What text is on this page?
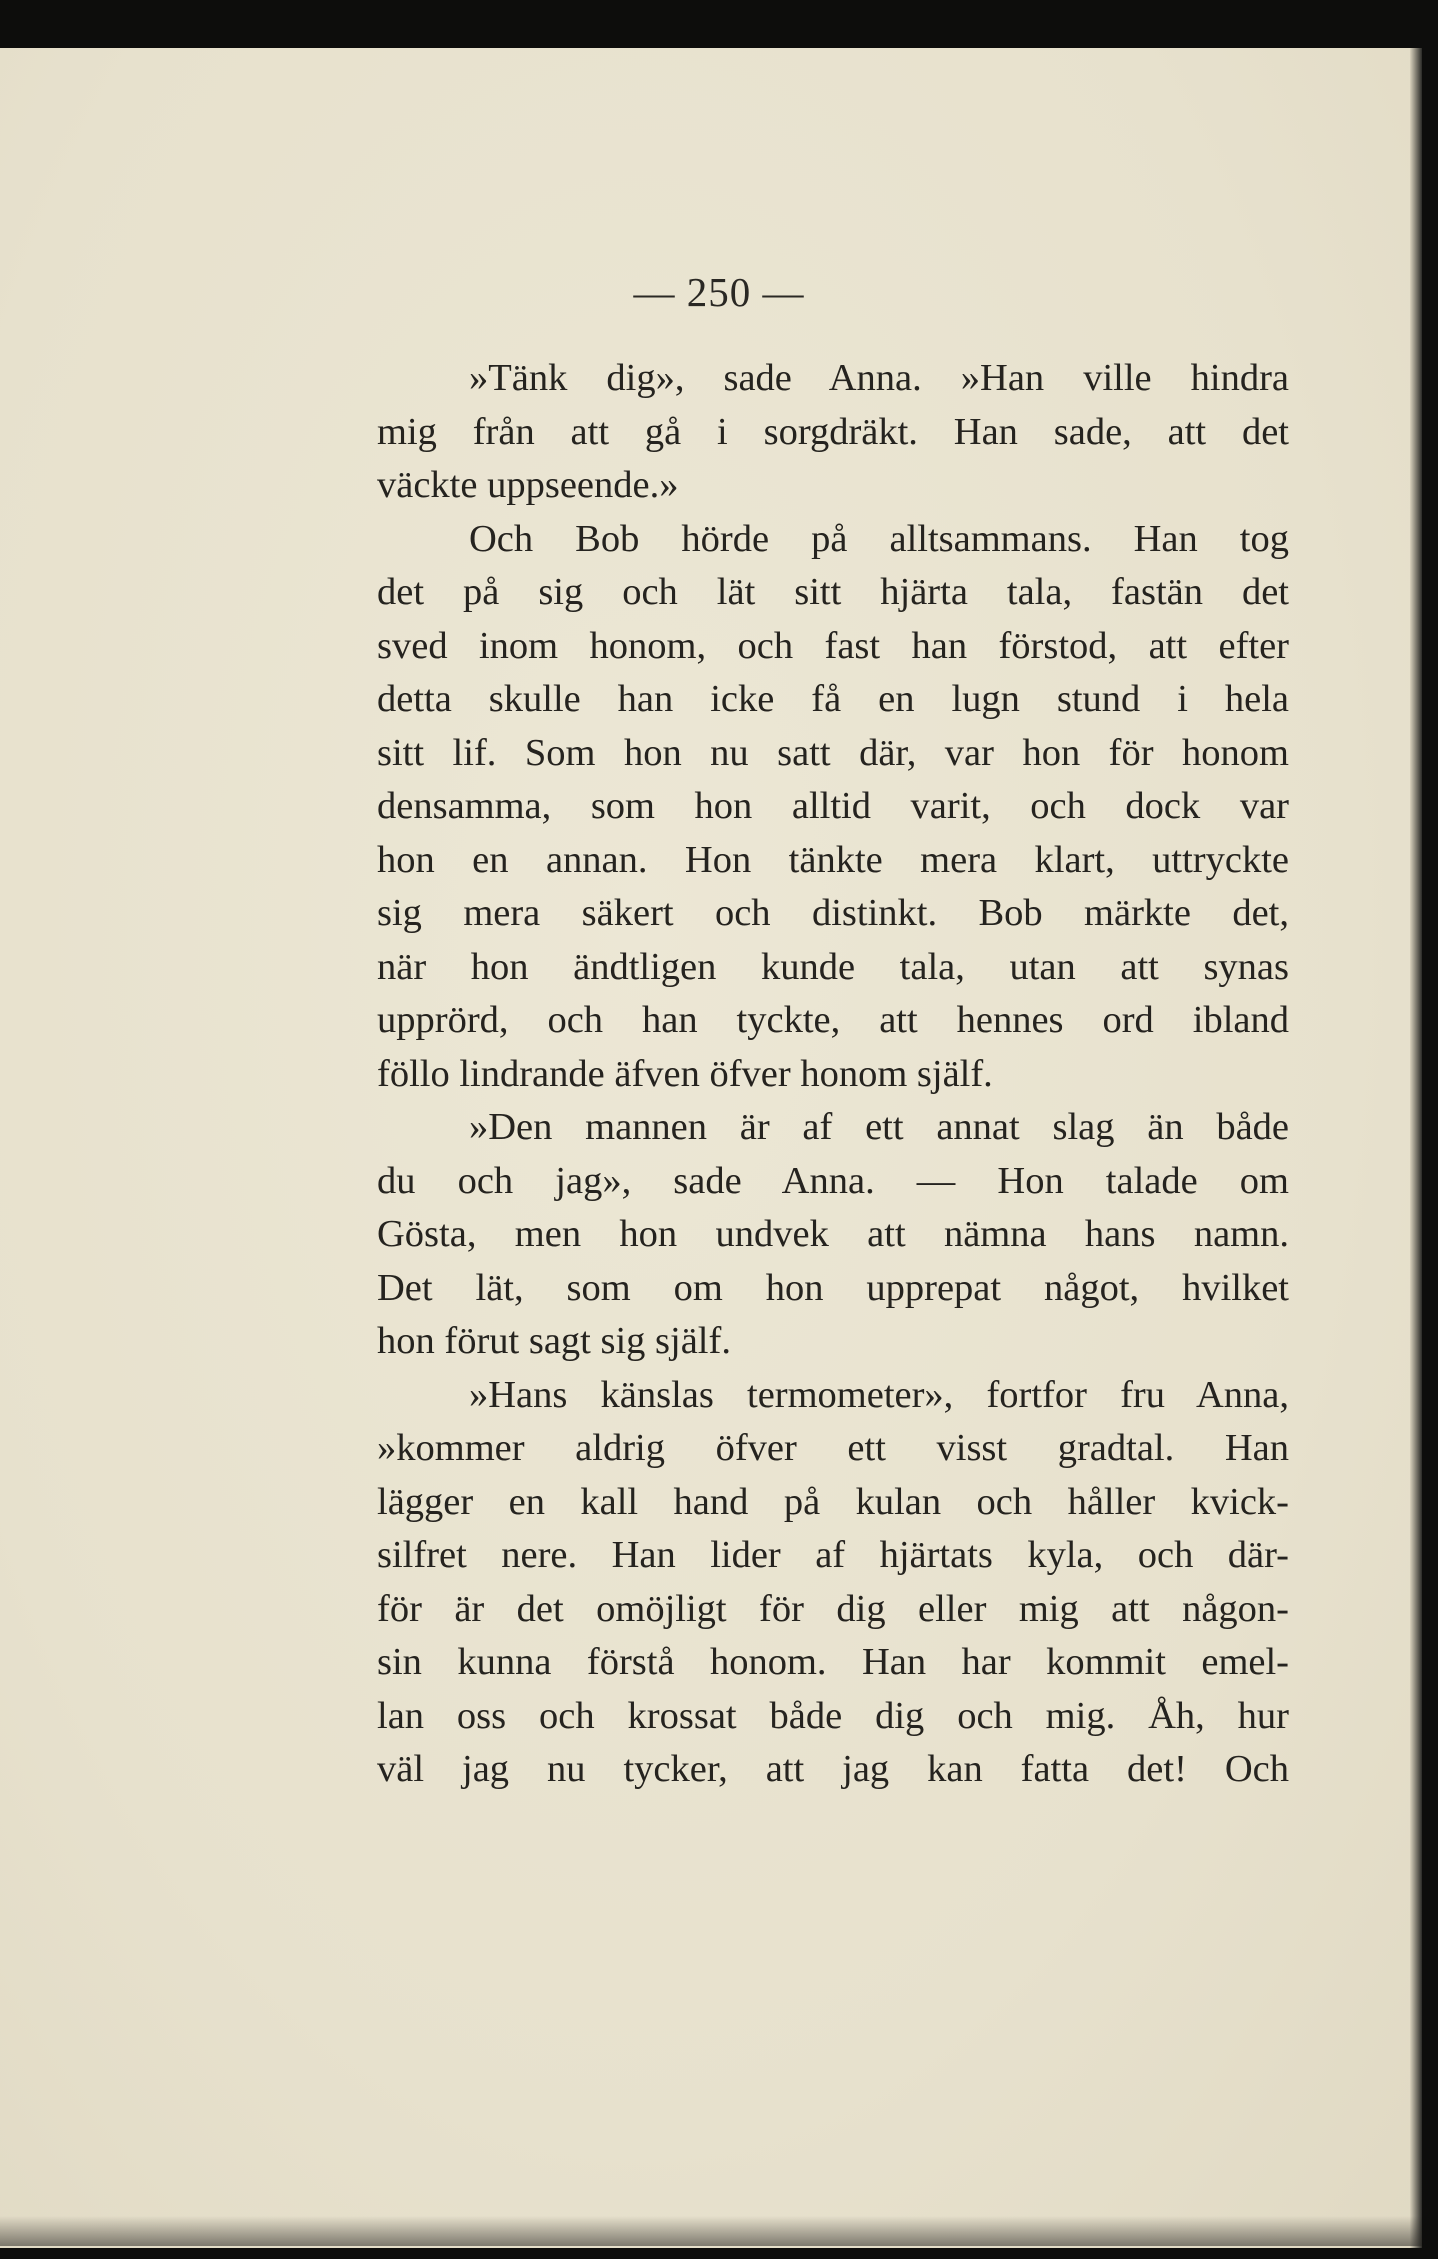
— 250 —
»Tänk dig», sade Anna. »Han ville hindra
mig från att gå i sorgdräkt. Han sade, att det
väckte uppseende.»
Och Bob hörde på alltsammans. Han tog
det på sig och lät sitt hjärta tala, fastän det
sved inom honom, och fast han förstod, att efter
detta skulle han icke få en lugn stund i hela
sitt lif. Som hon nu satt där, var hon för honom
densamma, som hon alltid varit, och dock var
hon en annan. Hon tänkte mera klart, uttryckte
sig mera säkert och distinkt. Bob märkte det,
när hon ändtligen kunde tala, utan att synas
upprörd, och han tyckte, att hennes ord ibland
föllo lindrande äfven öfver honom själf.
»Den mannen är af ett annat slag än både
du och jag», sade Anna. — Hon talade om
Gösta, men hon undvek att nämna hans namn.
Det lät, som om hon upprepat något, hvilket
hon förut sagt sig själf.
»Hans känslas termometer», fortfor fru Anna,
»kommer aldrig öfver ett visst gradtal. Han
lägger en kall hand på kulan och håller kvick-
silfret nere. Han lider af hjärtats kyla, och där-
för är det omöjligt för dig eller mig att någon-
sin kunna förstå honom. Han har kommit emel-
lan oss och krossat både dig och mig. Åh, hur
väl jag nu tycker, att jag kan fatta det! Och
